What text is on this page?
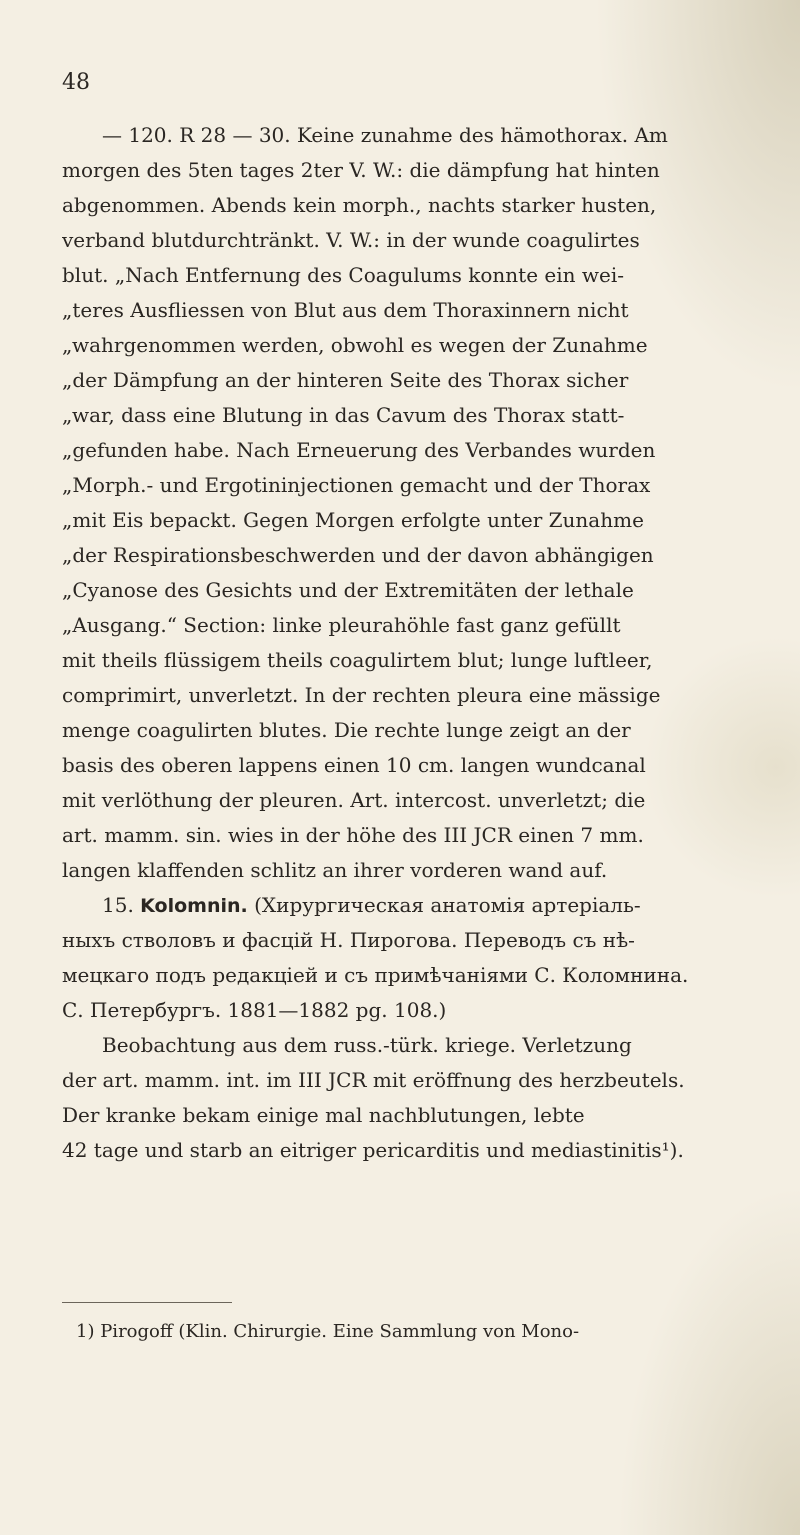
48
— 120. R 28 — 30. Keine zunahme des hämothorax. Am
morgen des 5ten tages 2ter V. W.: die dämpfung hat hinten
abgenommen. Abends kein morph., nachts starker husten,
verband blutdurchtränkt. V. W.: in der wunde coagulirtes
blut. „Nach Entfernung des Coagulums konnte ein wei-
„teres Ausfliessen von Blut aus dem Thoraxinnern nicht
„wahrgenommen werden, obwohl es wegen der Zunahme
„der Dämpfung an der hinteren Seite des Thorax sicher
„war, dass eine Blutung in das Cavum des Thorax statt-
„gefunden habe. Nach Erneuerung des Verbandes wurden
„Morph.- und Ergotininjectionen gemacht und der Thorax
„mit Eis bepackt. Gegen Morgen erfolgte unter Zunahme
„der Respirationsbeschwerden und der davon abhängigen
„Cyanose des Gesichts und der Extremitäten der lethale
„Ausgang.“ Section: linke pleurahöhle fast ganz gefüllt
mit theils flüssigem theils coagulirtem blut; lunge luftleer,
comprimirt, unverletzt. In der rechten pleura eine mässige
menge coagulirten blutes. Die rechte lunge zeigt an der
basis des oberen lappens einen 10 cm. langen wundcanal
mit verlöthung der pleuren. Art. intercost. unverletzt; die
art. mamm. sin. wies in der höhe des III JCR einen 7 mm.
langen klaffenden schlitz an ihrer vorderen wand auf.
15. Kolomnin. (Хирургическая анатомія артеріаль-
ныхъ стволовъ и фасцій Н. Пирогова. Переводъ съ нѣ-
мецкаго подъ редакціей и съ примѣчаніями С. Коломнина.
С. Петербургъ. 1881—1882 рg. 108.)
Beobachtung aus dem russ.-türk. kriege. Verletzung
der art. mamm. int. im III JCR mit eröffnung des herzbeutels.
Der kranke bekam einige mal nachblutungen, lebte
42 tage und starb an eitriger pericarditis und mediastinitis¹).
1) Pirogoff (Klin. Chirurgie. Eine Sammlung von Mono-
